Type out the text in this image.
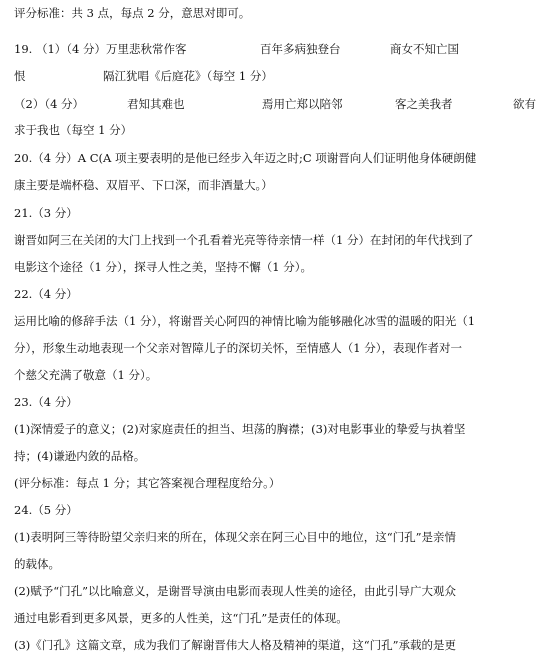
评分标准：共 3 点，每点 2 分，意思对即可。
19. （1）（4 分）万里悲秋常作客	百年多病独登台	商女不知亡国
恨	隔江犹唱《后庭花》（每空 1 分）
（2）（4 分）	君知其难也	焉用亡郑以陪邻	客之美我者	欲有
求于我也（每空 1 分）
20.（4 分）A C(A 项主要表明的是他已经步入年迈之时;C 项谢晋向人们证明他身体硬朗健
康主要是端杯稳、双眉平、下口深，而非酒量大。）
21.（3 分）
谢晋如阿三在关闭的大门上找到一个孔看着光亮等待亲情一样（1 分）在封闭的年代找到了
电影这个途径（1 分），探寻人性之美，坚持不懈（1 分）。
22.（4 分）
运用比喻的修辞手法（1 分），将谢晋关心阿四的神情比喻为能够融化冰雪的温暖的阳光（1
分），形象生动地表现一个父亲对智障儿子的深切关怀，至情感人（1 分），表现作者对一
个慈父充满了敬意（1 分）。
23.（4 分）
(1)深情爱子的意义；(2)对家庭责任的担当、坦荡的胸襟；(3)对电影事业的挚爱与执着坚
持；(4)谦逊内敛的品格。
(评分标准：每点 1 分；其它答案视合理程度给分。）
24.（5 分）
(1)表明阿三等待盼望父亲归来的所在，体现父亲在阿三心目中的地位，这“门孔”是亲情
的载体。
(2)赋予“门孔”以比喻意义，是谢晋导演由电影而表现人性美的途径，由此引导广大观众
通过电影看到更多风景，更多的人性美，这“门孔”是责任的体现。
(3)《门孔》这篇文章，成为我们了解谢晋伟大人格及精神的渠道，这“门孔”承载的是更
